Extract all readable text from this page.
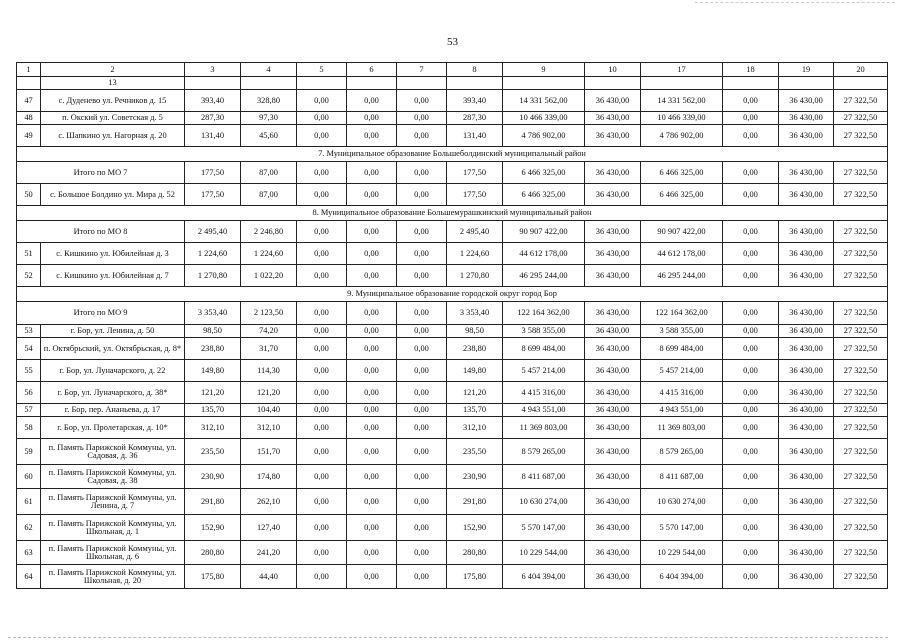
53
1	2	3	4	5	6	7	8	9	10	17	18	19	20
	13												
47	с. Дуденево ул. Речников д. 15	393,40	328,80	0,00	0,00	0,00	393,40	14 331 562,00	36 430,00	14 331 562,00	0,00	36 430,00	27 322,50
48	п. Окский ул. Советская д. 5	287,30	97,30	0,00	0,00	0,00	287,30	10 466 339,00	36 430,00	10 466 339,00	0,00	36 430,00	27 322,50
49	с. Шапкино ул. Нагорная д. 20	131,40	45,60	0,00	0,00	0,00	131,40	4 786 902,00	36 430,00	4 786 902,00	0,00	36 430,00	27 322,50
7. Муниципальное образование Большеболдинский муниципальный район													
Итого по МО 7		177,50	87,00	0,00	0,00	0,00	177,50	6 466 325,00	36 430,00	6 466 325,00	0,00	36 430,00	27 322,50
50	с. Большое Болдино ул. Мира д. 52	177,50	87,00	0,00	0,00	0,00	177,50	6 466 325,00	36 430,00	6 466 325,00	0,00	36 430,00	27 322,50
8. Муниципальное образование Большемурашкинский муниципальный район													
Итого по МО 8		2 495,40	2 246,80	0,00	0,00	0,00	2 495,40	90 907 422,00	36 430,00	90 907 422,00	0,00	36 430,00	27 322,50
51	с. Кишкино ул. Юбилейная д. 3	1 224,60	1 224,60	0,00	0,00	0,00	1 224,60	44 612 178,00	36 430,00	44 612 178,00	0,00	36 430,00	27 322,50
52	с. Кишкино ул. Юбилейная д. 7	1 270,80	1 022,20	0,00	0,00	0,00	1 270,80	46 295 244,00	36 430,00	46 295 244,00	0,00	36 430,00	27 322,50
9. Муниципальное образование городской округ город Бор													
Итого по МО 9		3 353,40	2 123,50	0,00	0,00	0,00	3 353,40	122 164 362,00	36 430,00	122 164 362,00	0,00	36 430,00	27 322,50
53	г. Бор, ул. Ленина, д. 50	98,50	74,20	0,00	0,00	0,00	98,50	3 588 355,00	36 430,00	3 588 355,00	0,00	36 430,00	27 322,50
54	п. Октябрьский, ул. Октябрьская, д. 8*	238,80	31,70	0,00	0,00	0,00	238,80	8 699 484,00	36 430,00	8 699 484,00	0,00	36 430,00	27 322,50
55	г. Бор, ул. Луначарского, д. 22	149,80	114,30	0,00	0,00	0,00	149,80	5 457 214,00	36 430,00	5 457 214,00	0,00	36 430,00	27 322,50
56	г. Бор, ул. Луначарского, д. 38*	121,20	121,20	0,00	0,00	0,00	121,20	4 415 316,00	36 430,00	4 415 316,00	0,00	36 430,00	27 322,50
57	г. Бор, пер. Ананьева, д. 17	135,70	104,40	0,00	0,00	0,00	135,70	4 943 551,00	36 430,00	4 943 551,00	0,00	36 430,00	27 322,50
58	г. Бор, ул. Пролетарская, д. 10*	312,10	312,10	0,00	0,00	0,00	312,10	11 369 803,00	36 430,00	11 369 803,00	0,00	36 430,00	27 322,50
59	п. Память Парижской Коммуны, ул. Садовая, д. 36	235,50	151,70	0,00	0,00	0,00	235,50	8 579 265,00	36 430,00	8 579 265,00	0,00	36 430,00	27 322,50
60	п. Память Парижской Коммуны, ул. Садовая, д. 38	230,90	174,80	0,00	0,00	0,00	230,90	8 411 687,00	36 430,00	8 411 687,00	0,00	36 430,00	27 322,50
61	п. Память Парижской Коммуны, ул. Ленина, д. 7	291,80	262,10	0,00	0,00	0,00	291,80	10 630 274,00	36 430,00	10 630 274,00	0,00	36 430,00	27 322,50
62	п. Память Парижской Коммуны, ул. Школьная, д. 1	152,90	127,40	0,00	0,00	0,00	152,90	5 570 147,00	36 430,00	5 570 147,00	0,00	36 430,00	27 322,50
63	п. Память Парижской Коммуны, ул. Школьная, д. 6	280,80	241,20	0,00	0,00	0,00	280,80	10 229 544,00	36 430,00	10 229 544,00	0,00	36 430,00	27 322,50
64	п. Память Парижской Коммуны, ул. Школьная, д. 20	175,80	44,40	0,00	0,00	0,00	175,80	6 404 394,00	36 430,00	6 404 394,00	0,00	36 430,00	27 322,50
